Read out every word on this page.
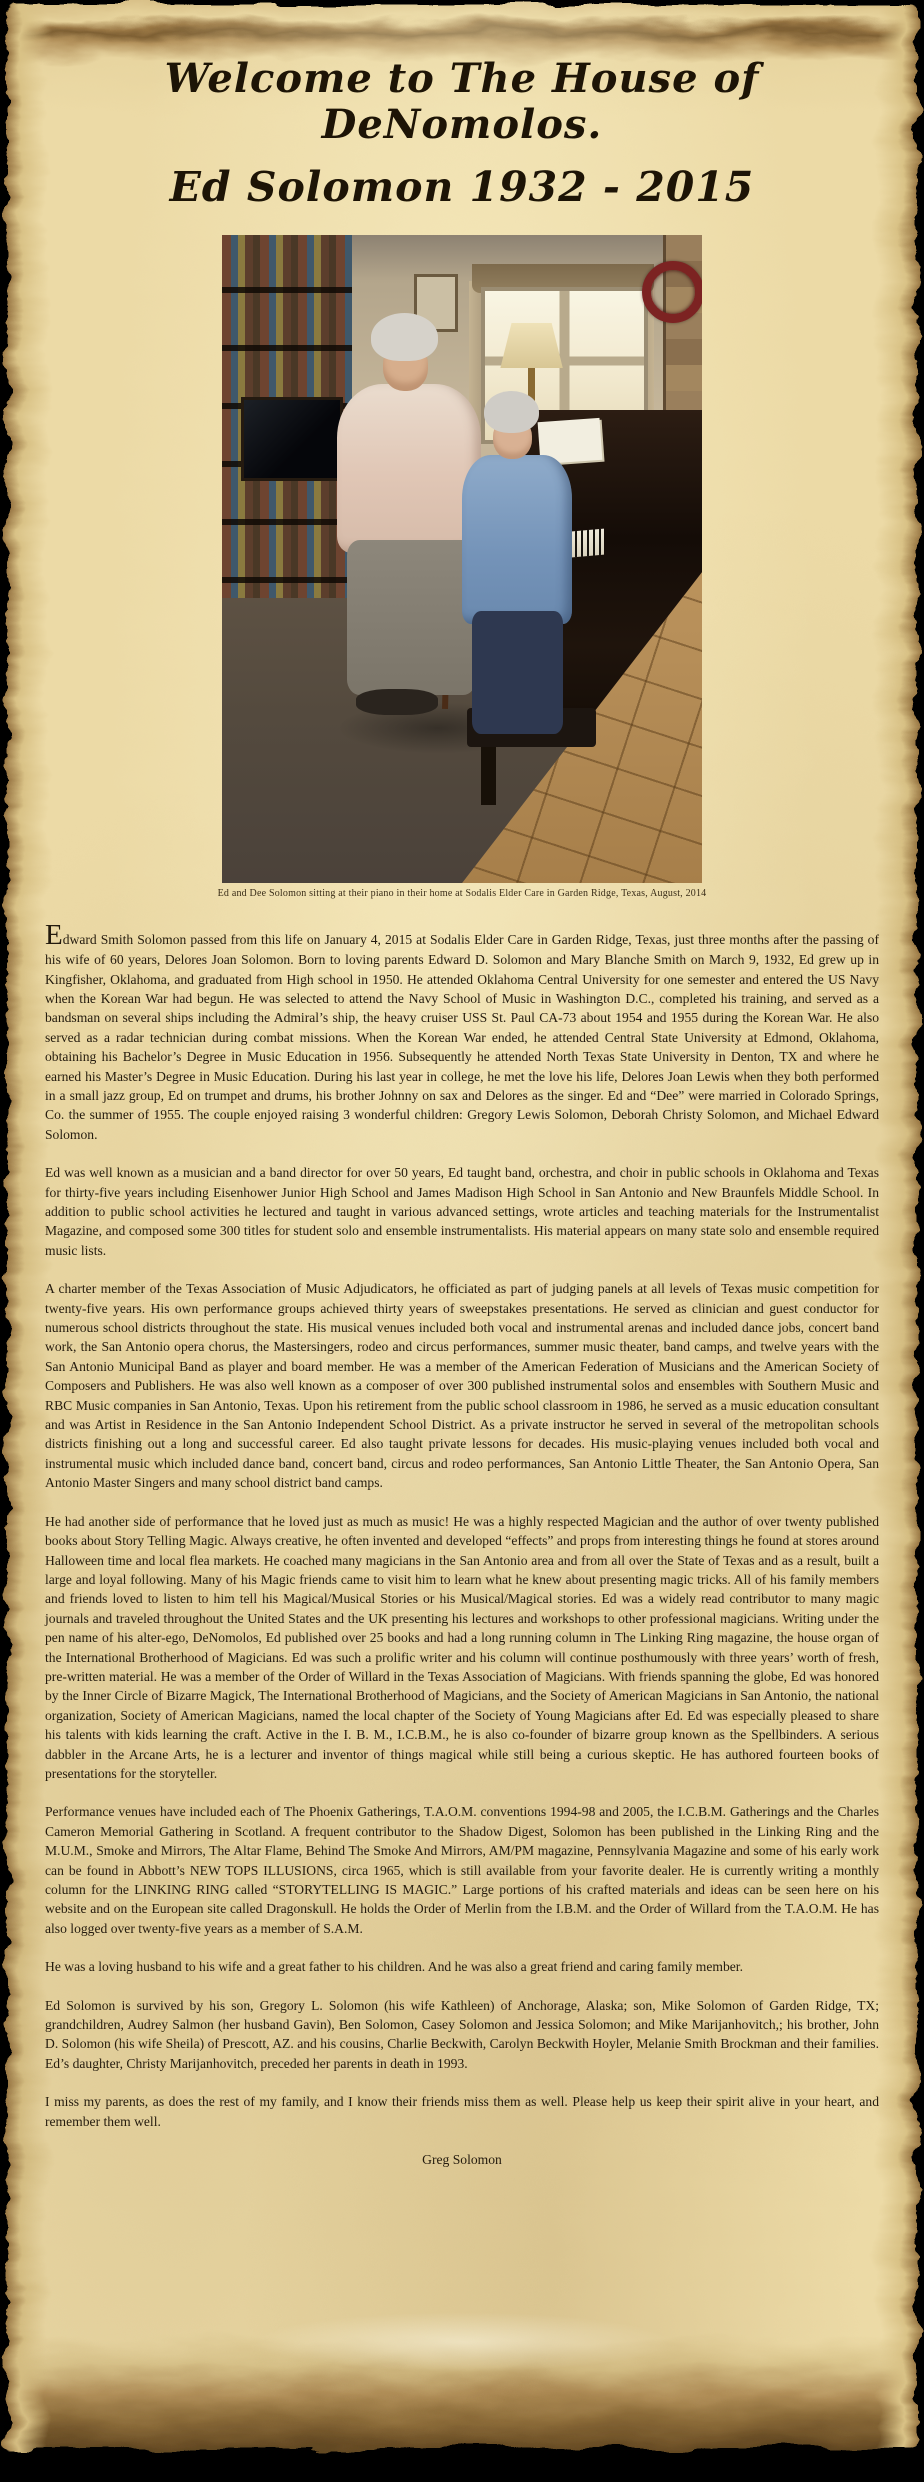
Welcome to The House of DeNomolos.
Ed Solomon 1932 - 2015
Ed and Dee Solomon sitting at their piano in their home at Sodalis Elder Care in Garden Ridge, Texas, August, 2014

Edward Smith Solomon passed from this life on January 4, 2015 at Sodalis Elder Care in Garden Ridge, Texas, just three months after the passing of his wife of 60 years, Delores Joan Solomon. Born to loving parents Edward D. Solomon and Mary Blanche Smith on March 9, 1932, Ed grew up in Kingfisher, Oklahoma, and graduated from High school in 1950. He attended Oklahoma Central University for one semester and entered the US Navy when the Korean War had begun. He was selected to attend the Navy School of Music in Washington D.C., completed his training, and served as a bandsman on several ships including the Admiral’s ship, the heavy cruiser USS St. Paul CA-73 about 1954 and 1955 during the Korean War. He also served as a radar technician during combat missions. When the Korean War ended, he attended Central State University at Edmond, Oklahoma, obtaining his Bachelor’s Degree in Music Education in 1956. Subsequently he attended North Texas State University in Denton, TX and where he earned his Master’s Degree in Music Education. During his last year in college, he met the love his life, Delores Joan Lewis when they both performed in a small jazz group, Ed on trumpet and drums, his brother Johnny on sax and Delores as the singer. Ed and “Dee” were married in Colorado Springs, Co. the summer of 1955. The couple enjoyed raising 3 wonderful children: Gregory Lewis Solomon, Deborah Christy Solomon, and Michael Edward Solomon.

Ed was well known as a musician and a band director for over 50 years, Ed taught band, orchestra, and choir in public schools in Oklahoma and Texas for thirty-five years including Eisenhower Junior High School and James Madison High School in San Antonio and New Braunfels Middle School. In addition to public school activities he lectured and taught in various advanced settings, wrote articles and teaching materials for the Instrumentalist Magazine, and composed some 300 titles for student solo and ensemble instrumentalists. His material appears on many state solo and ensemble required music lists.

A charter member of the Texas Association of Music Adjudicators, he officiated as part of judging panels at all levels of Texas music competition for twenty-five years. His own performance groups achieved thirty years of sweepstakes presentations. He served as clinician and guest conductor for numerous school districts throughout the state. His musical venues included both vocal and instrumental arenas and included dance jobs, concert band work, the San Antonio opera chorus, the Mastersingers, rodeo and circus performances, summer music theater, band camps, and twelve years with the San Antonio Municipal Band as player and board member. He was a member of the American Federation of Musicians and the American Society of Composers and Publishers. He was also well known as a composer of over 300 published instrumental solos and ensembles with Southern Music and RBC Music companies in San Antonio, Texas. Upon his retirement from the public school classroom in 1986, he served as a music education consultant and was Artist in Residence in the San Antonio Independent School District. As a private instructor he served in several of the metropolitan schools districts finishing out a long and successful career. Ed also taught private lessons for decades. His music-playing venues included both vocal and instrumental music which included dance band, concert band, circus and rodeo performances, San Antonio Little Theater, the San Antonio Opera, San Antonio Master Singers and many school district band camps.

He had another side of performance that he loved just as much as music! He was a highly respected Magician and the author of over twenty published books about Story Telling Magic. Always creative, he often invented and developed “effects” and props from interesting things he found at stores around Halloween time and local flea markets. He coached many magicians in the San Antonio area and from all over the State of Texas and as a result, built a large and loyal following. Many of his Magic friends came to visit him to learn what he knew about presenting magic tricks. All of his family members and friends loved to listen to him tell his Magical/Musical Stories or his Musical/Magical stories. Ed was a widely read contributor to many magic journals and traveled throughout the United States and the UK presenting his lectures and workshops to other professional magicians. Writing under the pen name of his alter-ego, DeNomolos, Ed published over 25 books and had a long running column in The Linking Ring magazine, the house organ of the International Brotherhood of Magicians. Ed was such a prolific writer and his column will continue posthumously with three years’ worth of fresh, pre-written material. He was a member of the Order of Willard in the Texas Association of Magicians. With friends spanning the globe, Ed was honored by the Inner Circle of Bizarre Magick, The International Brotherhood of Magicians, and the Society of American Magicians in San Antonio, the national organization, Society of American Magicians, named the local chapter of the Society of Young Magicians after Ed. Ed was especially pleased to share his talents with kids learning the craft. Active in the I. B. M., I.C.B.M., he is also co-founder of bizarre group known as the Spellbinders. A serious dabbler in the Arcane Arts, he is a lecturer and inventor of things magical while still being a curious skeptic. He has authored fourteen books of presentations for the storyteller.

Performance venues have included each of The Phoenix Gatherings, T.A.O.M. conventions 1994-98 and 2005, the I.C.B.M. Gatherings and the Charles Cameron Memorial Gathering in Scotland. A frequent contributor to the Shadow Digest, Solomon has been published in the Linking Ring and the M.U.M., Smoke and Mirrors, The Altar Flame, Behind The Smoke And Mirrors, AM/PM magazine, Pennsylvania Magazine and some of his early work can be found in Abbott’s NEW TOPS ILLUSIONS, circa 1965, which is still available from your favorite dealer. He is currently writing a monthly column for the LINKING RING called “STORYTELLING IS MAGIC.” Large portions of his crafted materials and ideas can be seen here on his website and on the European site called Dragonskull. He holds the Order of Merlin from the I.B.M. and the Order of Willard from the T.A.O.M. He has also logged over twenty-five years as a member of S.A.M.

He was a loving husband to his wife and a great father to his children. And he was also a great friend and caring family member.

Ed Solomon is survived by his son, Gregory L. Solomon (his wife Kathleen) of Anchorage, Alaska; son, Mike Solomon of Garden Ridge, TX; grandchildren, Audrey Salmon (her husband Gavin), Ben Solomon, Casey Solomon and Jessica Solomon; and Mike Marijanhovitch,; his brother, John D. Solomon (his wife Sheila) of Prescott, AZ. and his cousins, Charlie Beckwith, Carolyn Beckwith Hoyler, Melanie Smith Brockman and their families. Ed’s daughter, Christy Marijanhovitch, preceded her parents in death in 1993.

I miss my parents, as does the rest of my family, and I know their friends miss them as well. Please help us keep their spirit alive in your heart, and remember them well.

Greg Solomon
